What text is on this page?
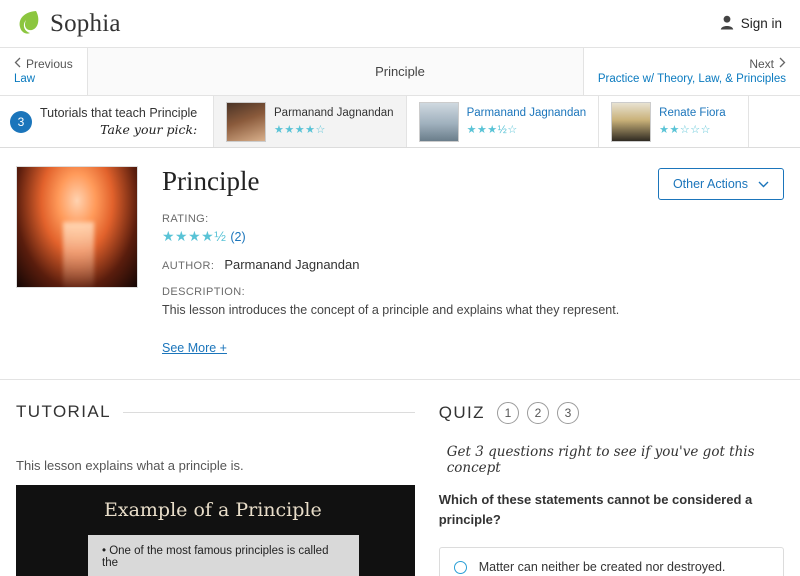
Sophia	Sign in
Previous
Law	Principle
Next
Practice w/ Theory, Law, & Principles
3
Tutorials that teach Principle
Take your pick:
Parmanand Jagnandan
★★★★☆
Parmanand Jagnandan
★★★½☆
Renate Fiora
★★☆☆☆
Principle
RATING:
★★★★½ (2)
AUTHOR: Parmanand Jagnandan
DESCRIPTION:
This lesson introduces the concept of a principle and explains what they represent.
See More +
Other Actions
TUTORIAL
This lesson explains what a principle is.
Example of a Principle
• One of the most famous principles is called the
QUIZ	1	2	3
Get 3 questions right to see if you've got this concept
Which of these statements cannot be considered a principle?
Matter can neither be created nor destroyed.
